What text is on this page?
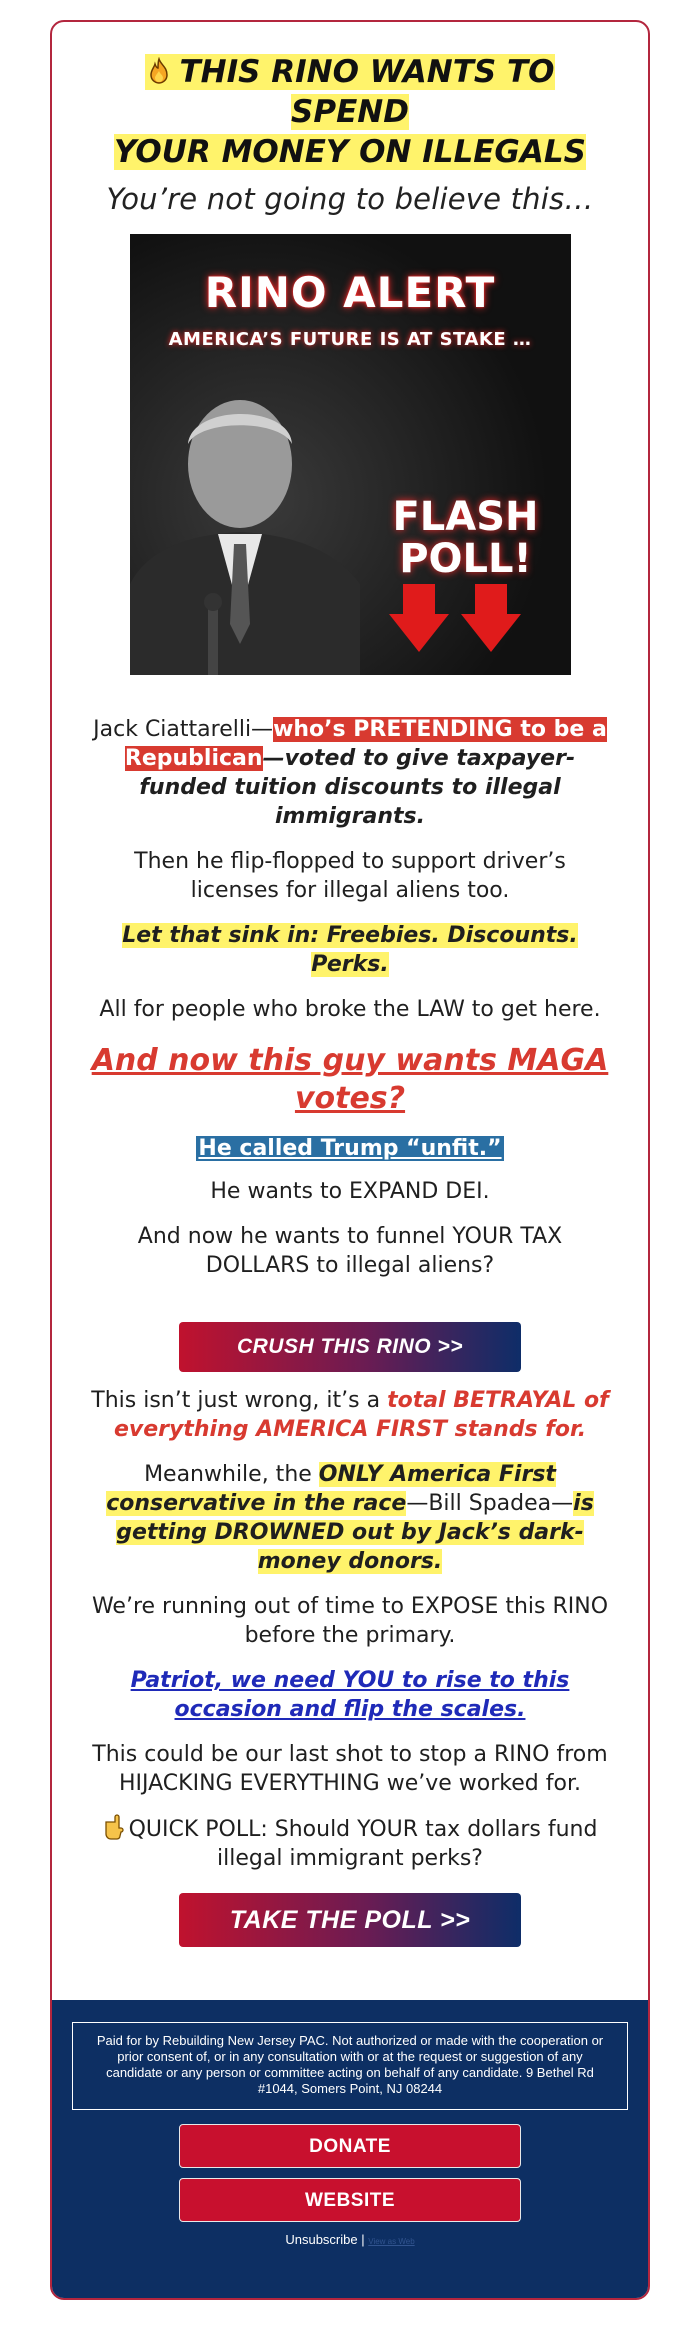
THIS RINO WANTS TO SPEND
YOUR MONEY ON ILLEGALS
You’re not going to believe this…
RINO ALERT
AMERICA’S FUTURE IS AT STAKE …
FLASH
POLL!
Jack Ciattarelli—who’s PRETENDING to be a Republican—voted to give taxpayer-funded tuition discounts to illegal immigrants.
Then he flip-flopped to support driver’s licenses for illegal aliens too.
Let that sink in: Freebies. Discounts. Perks.
All for people who broke the LAW to get here.
And now this guy wants MAGA votes?
He called Trump “unfit.”
He wants to EXPAND DEI.
And now he wants to funnel YOUR TAX DOLLARS to illegal aliens?
CRUSH THIS RINO >>
This isn’t just wrong, it’s a total BETRAYAL of everything AMERICA FIRST stands for.
Meanwhile, the ONLY America First conservative in the race—Bill Spadea—is getting DROWNED out by Jack’s dark-money donors.
We’re running out of time to EXPOSE this RINO before the primary.
Patriot, we need YOU to rise to this occasion and flip the scales.
This could be our last shot to stop a RINO from HIJACKING EVERYTHING we’ve worked for.
QUICK POLL: Should YOUR tax dollars fund illegal immigrant perks?
TAKE THE POLL >>
Paid for by Rebuilding New Jersey PAC. Not authorized or made with the cooperation or prior consent of, or in any consultation with or at the request or suggestion of any candidate or any person or committee acting on behalf of any candidate. 9 Bethel Rd #1044, Somers Point, NJ 08244
DONATE
WEBSITE
Unsubscribe | View as Web
